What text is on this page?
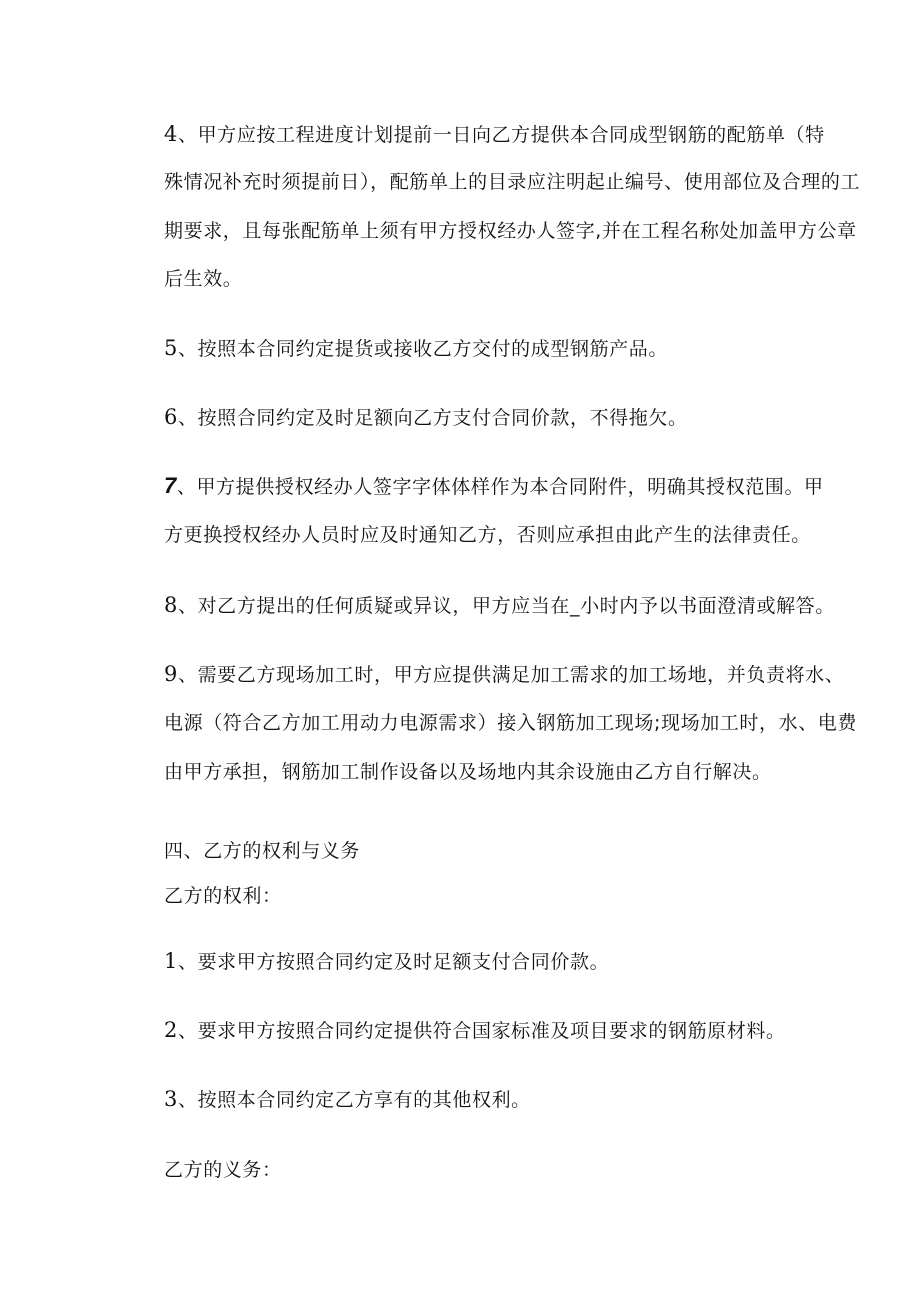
4、甲方应按工程进度计划提前一日向乙方提供本合同成型钢筋的配筋单（特
殊情况补充时须提前日），配筋单上的目录应注明起止编号、使用部位及合理的工
期要求，且每张配筋单上须有甲方授权经办人签字,并在工程名称处加盖甲方公章
后生效。
5、按照本合同约定提货或接收乙方交付的成型钢筋产品。
6、按照合同约定及时足额向乙方支付合同价款，不得拖欠。
7、甲方提供授权经办人签字字体体样作为本合同附件，明确其授权范围。甲
方更换授权经办人员时应及时通知乙方，否则应承担由此产生的法律责任。
8、对乙方提出的任何质疑或异议，甲方应当在_小时内予以书面澄清或解答。
9、需要乙方现场加工时，甲方应提供满足加工需求的加工场地，并负责将水、
电源（符合乙方加工用动力电源需求）接入钢筋加工现场;现场加工时，水、电费
由甲方承担，钢筋加工制作设备以及场地内其余设施由乙方自行解决。
四、乙方的权利与义务
乙方的权利：
1、要求甲方按照合同约定及时足额支付合同价款。
2、要求甲方按照合同约定提供符合国家标准及项目要求的钢筋原材料。
3、按照本合同约定乙方享有的其他权利。
乙方的义务：
